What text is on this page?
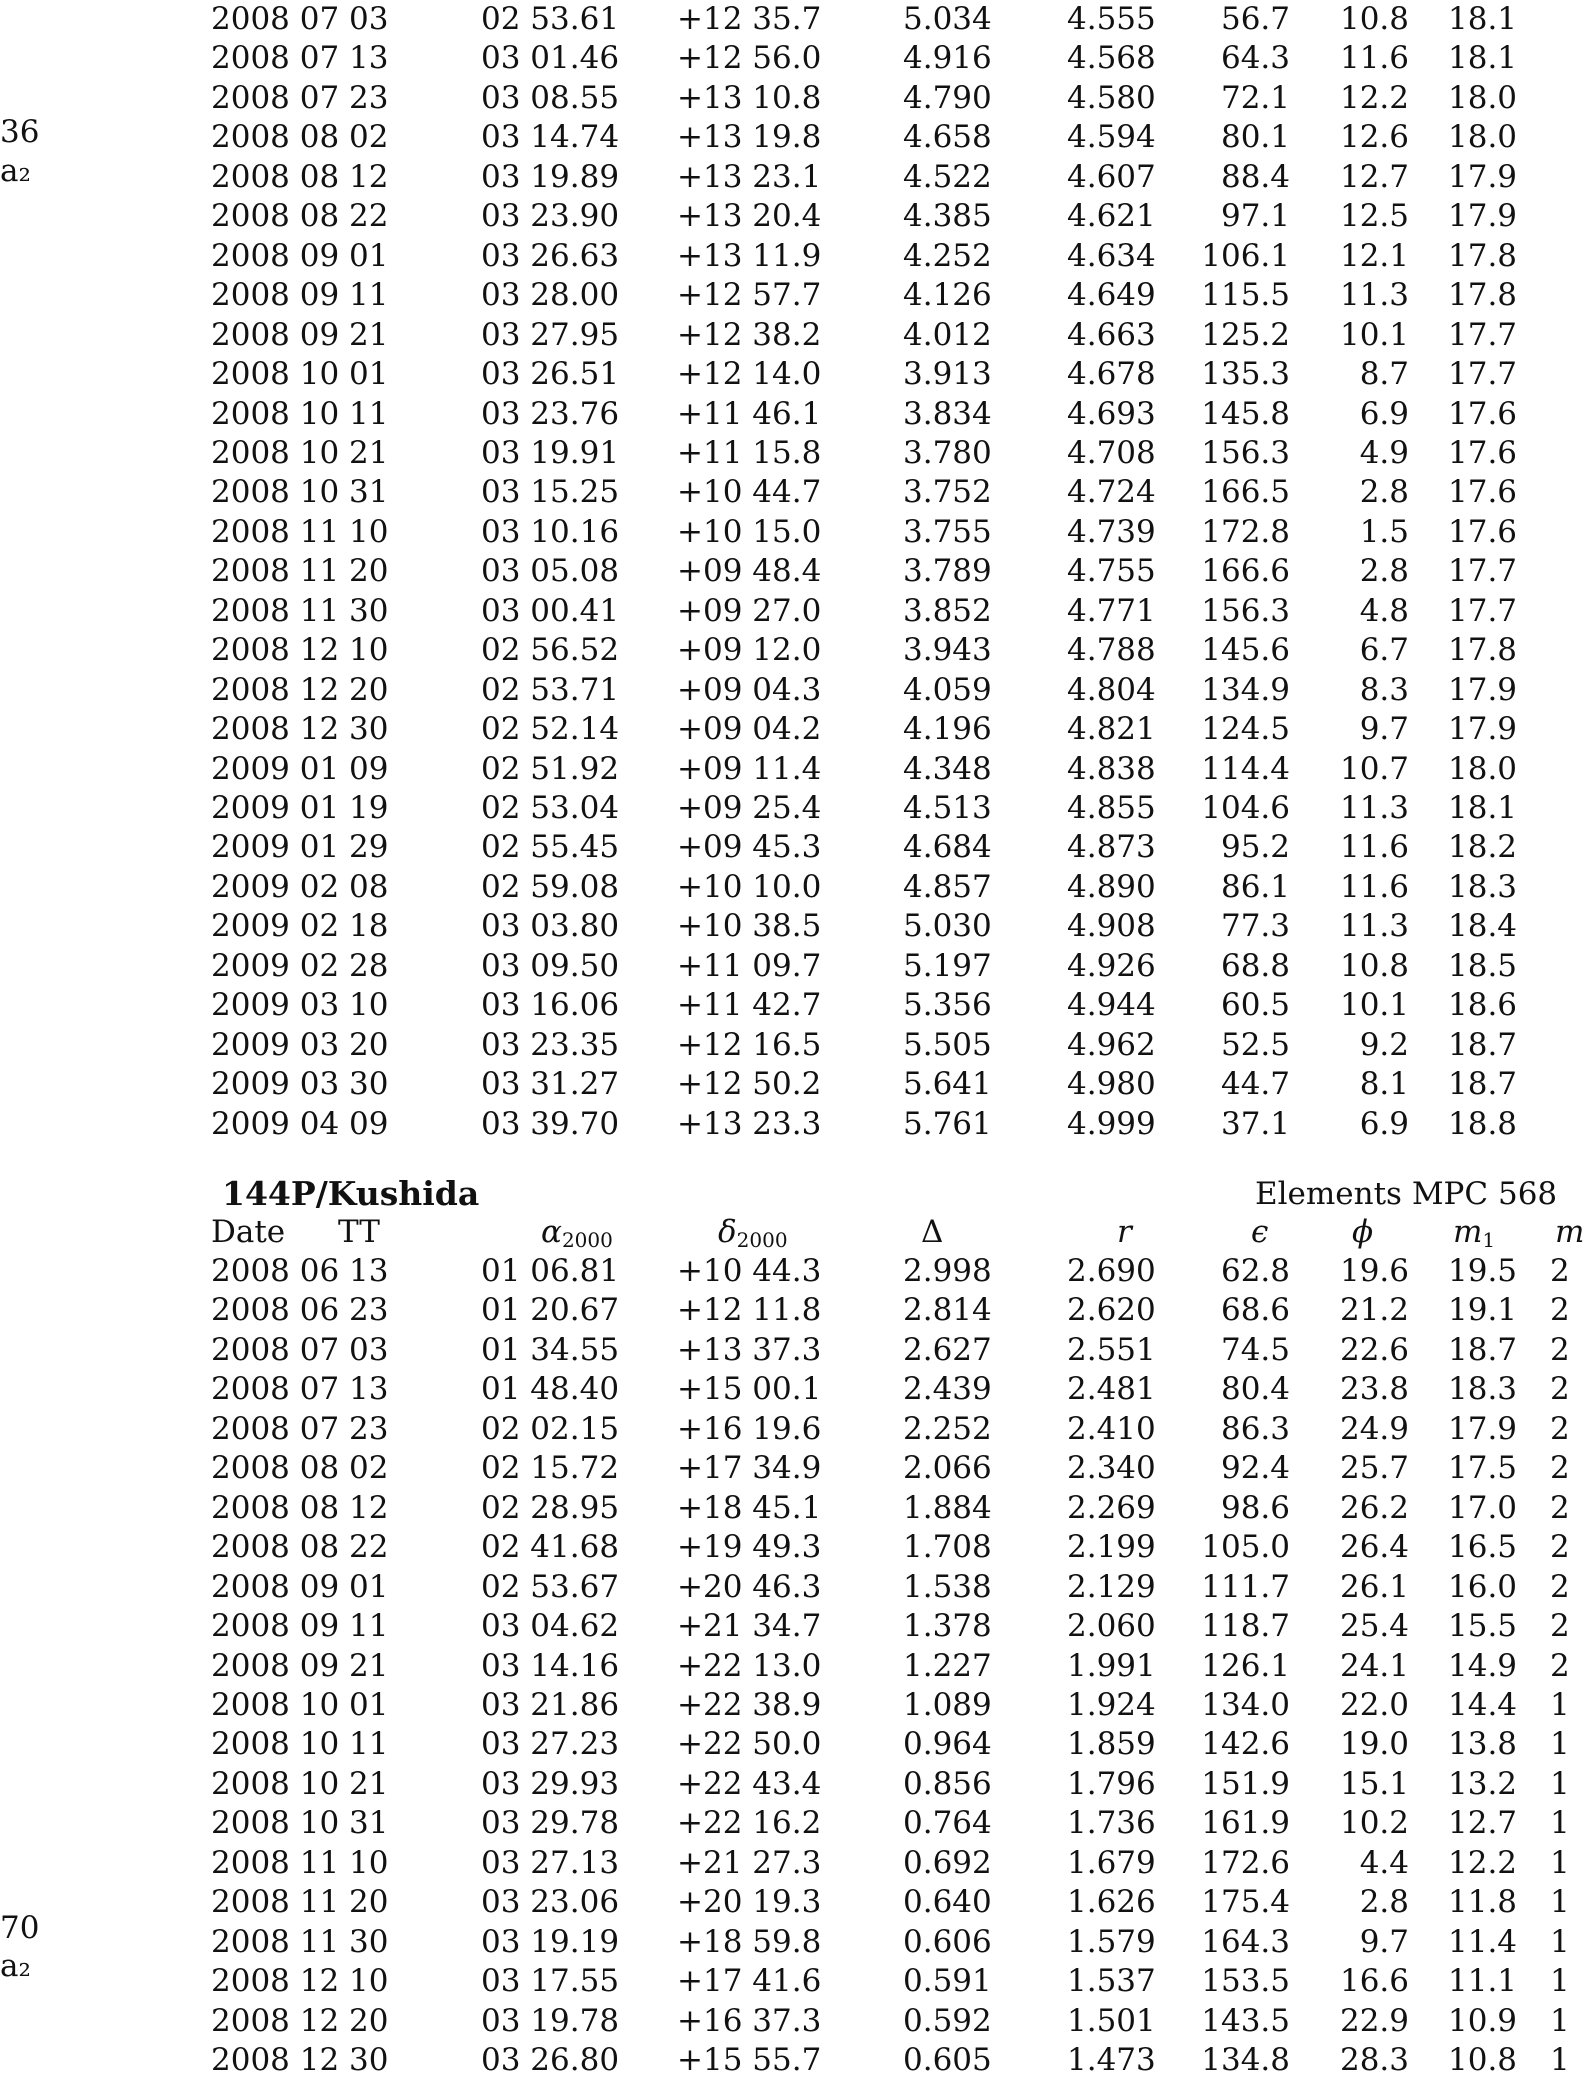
36
a₂
70
a₂
2008 07 03	02 53.61 +12 35.7	5.034 4.555 56.7 10.8 18.1
2008 07 13	03 01.46 +12 56.0	4.916 4.568 64.3 11.6 18.1
2008 07 23	03 08.55 +13 10.8	4.790 4.580 72.1 12.2 18.0
2008 08 02	03 14.74 +13 19.8	4.658 4.594 80.1 12.6 18.0
2008 08 12	03 19.89 +13 23.1	4.522 4.607 88.4 12.7 17.9
2008 08 22	03 23.90 +13 20.4	4.385 4.621 97.1 12.5 17.9
2008 09 01	03 26.63 +13 11.9	4.252 4.634 106.1 12.1 17.8
2008 09 11	03 28.00 +12 57.7	4.126 4.649 115.5 11.3 17.8
2008 09 21	03 27.95 +12 38.2	4.012 4.663 125.2 10.1 17.7
2008 10 01	03 26.51 +12 14.0	3.913 4.678 135.3 8.7 17.7
2008 10 11	03 23.76 +11 46.1	3.834 4.693 145.8 6.9 17.6
2008 10 21	03 19.91 +11 15.8	3.780 4.708 156.3 4.9 17.6
2008 10 31	03 15.25 +10 44.7	3.752 4.724 166.5 2.8 17.6
2008 11 10	03 10.16 +10 15.0	3.755 4.739 172.8 1.5 17.6
2008 11 20	03 05.08 +09 48.4	3.789 4.755 166.6 2.8 17.7
2008 11 30	03 00.41 +09 27.0	3.852 4.771 156.3 4.8 17.7
2008 12 10	02 56.52 +09 12.0	3.943 4.788 145.6 6.7 17.8
2008 12 20	02 53.71 +09 04.3	4.059 4.804 134.9 8.3 17.9
2008 12 30	02 52.14 +09 04.2	4.196 4.821 124.5 9.7 17.9
2009 01 09	02 51.92 +09 11.4	4.348 4.838 114.4 10.7 18.0
2009 01 19	02 53.04 +09 25.4	4.513 4.855 104.6 11.3 18.1
2009 01 29	02 55.45 +09 45.3	4.684 4.873 95.2 11.6 18.2
2009 02 08	02 59.08 +10 10.0	4.857 4.890 86.1 11.6 18.3
2009 02 18	03 03.80 +10 38.5	5.030 4.908 77.3 11.3 18.4
2009 02 28	03 09.50 +11 09.7	5.197 4.926 68.8 10.8 18.5
2009 03 10	03 16.06 +11 42.7	5.356 4.944 60.5 10.1 18.6
2009 03 20	03 23.35 +12 16.5	5.505 4.962 52.5 9.2 18.7
2009 03 30	03 31.27 +12 50.2	5.641 4.980 44.7 8.1 18.7
2009 04 09	03 39.70 +13 23.3	5.761 4.999 37.1 6.9 18.8
144P/Kushida	Elements MPC 568
Date TT	$\alpha_{2000}$	$\delta_{2000}$	Δ	r	ϵ	ϕ	$m_1$ m
2008 06 13	01 06.81 +10 44.3	2.998 2.690 62.8 19.6 19.5 2
2008 06 23	01 20.67 +12 11.8	2.814 2.620 68.6 21.2 19.1 2
2008 07 03	01 34.55 +13 37.3	2.627 2.551 74.5 22.6 18.7 2
2008 07 13	01 48.40 +15 00.1	2.439 2.481 80.4 23.8 18.3 2
2008 07 23	02 02.15 +16 19.6	2.252 2.410 86.3 24.9 17.9 2
2008 08 02	02 15.72 +17 34.9	2.066 2.340 92.4 25.7 17.5 2
2008 08 12	02 28.95 +18 45.1	1.884 2.269 98.6 26.2 17.0 2
2008 08 22	02 41.68 +19 49.3	1.708 2.199 105.0 26.4 16.5 2
2008 09 01	02 53.67 +20 46.3	1.538 2.129 111.7 26.1 16.0 2
2008 09 11	03 04.62 +21 34.7	1.378 2.060 118.7 25.4 15.5 2
2008 09 21	03 14.16 +22 13.0	1.227 1.991 126.1 24.1 14.9 2
2008 10 01	03 21.86 +22 38.9	1.089 1.924 134.0 22.0 14.4 1
2008 10 11	03 27.23 +22 50.0	0.964 1.859 142.6 19.0 13.8 1
2008 10 21	03 29.93 +22 43.4	0.856 1.796 151.9 15.1 13.2 1
2008 10 31	03 29.78 +22 16.2	0.764 1.736 161.9 10.2 12.7 1
2008 11 10	03 27.13 +21 27.3	0.692 1.679 172.6 4.4 12.2 1
2008 11 20	03 23.06 +20 19.3	0.640 1.626 175.4 2.8 11.8 1
2008 11 30	03 19.19 +18 59.8	0.606 1.579 164.3 9.7 11.4 1
2008 12 10	03 17.55 +17 41.6	0.591 1.537 153.5 16.6 11.1 1
2008 12 20	03 19.78 +16 37.3	0.592 1.501 143.5 22.9 10.9 1
2008 12 30	03 26.80 +15 55.7	0.605 1.473 134.8 28.3 10.8 1
